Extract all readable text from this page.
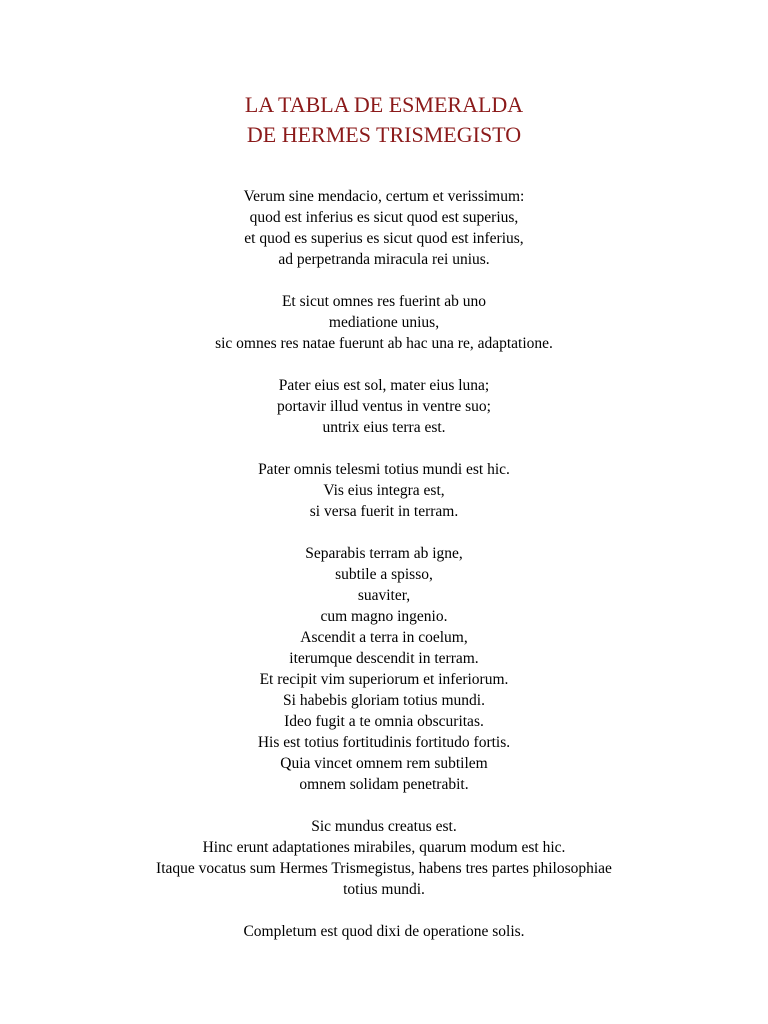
LA TABLA DE ESMERALDA
DE HERMES TRISMEGISTO
Verum sine mendacio, certum et verissimum:
quod est inferius es sicut quod est superius,
et quod es superius es sicut quod est inferius,
ad perpetranda miracula rei unius.
Et sicut omnes res fuerint ab uno
mediatione unius,
sic omnes res natae fuerunt ab hac una re, adaptatione.
Pater eius est sol, mater eius luna;
portavir illud ventus in ventre suo;
untrix eius terra est.
Pater omnis telesmi totius mundi est hic.
Vis eius integra est,
si versa fuerit in terram.
Separabis terram ab igne,
subtile a spisso,
suaviter,
cum magno ingenio.
Ascendit a terra in coelum,
iterumque descendit in terram.
Et recipit vim superiorum et inferiorum.
Si habebis gloriam totius mundi.
Ideo fugit a te omnia obscuritas.
His est totius fortitudinis fortitudo fortis.
Quia vincet omnem rem subtilem
omnem solidam penetrabit.
Sic mundus creatus est.
Hinc erunt adaptationes mirabiles, quarum modum est hic.
Itaque vocatus sum Hermes Trismegistus, habens tres partes philosophiae
totius mundi.
Completum est quod dixi de operatione solis.
